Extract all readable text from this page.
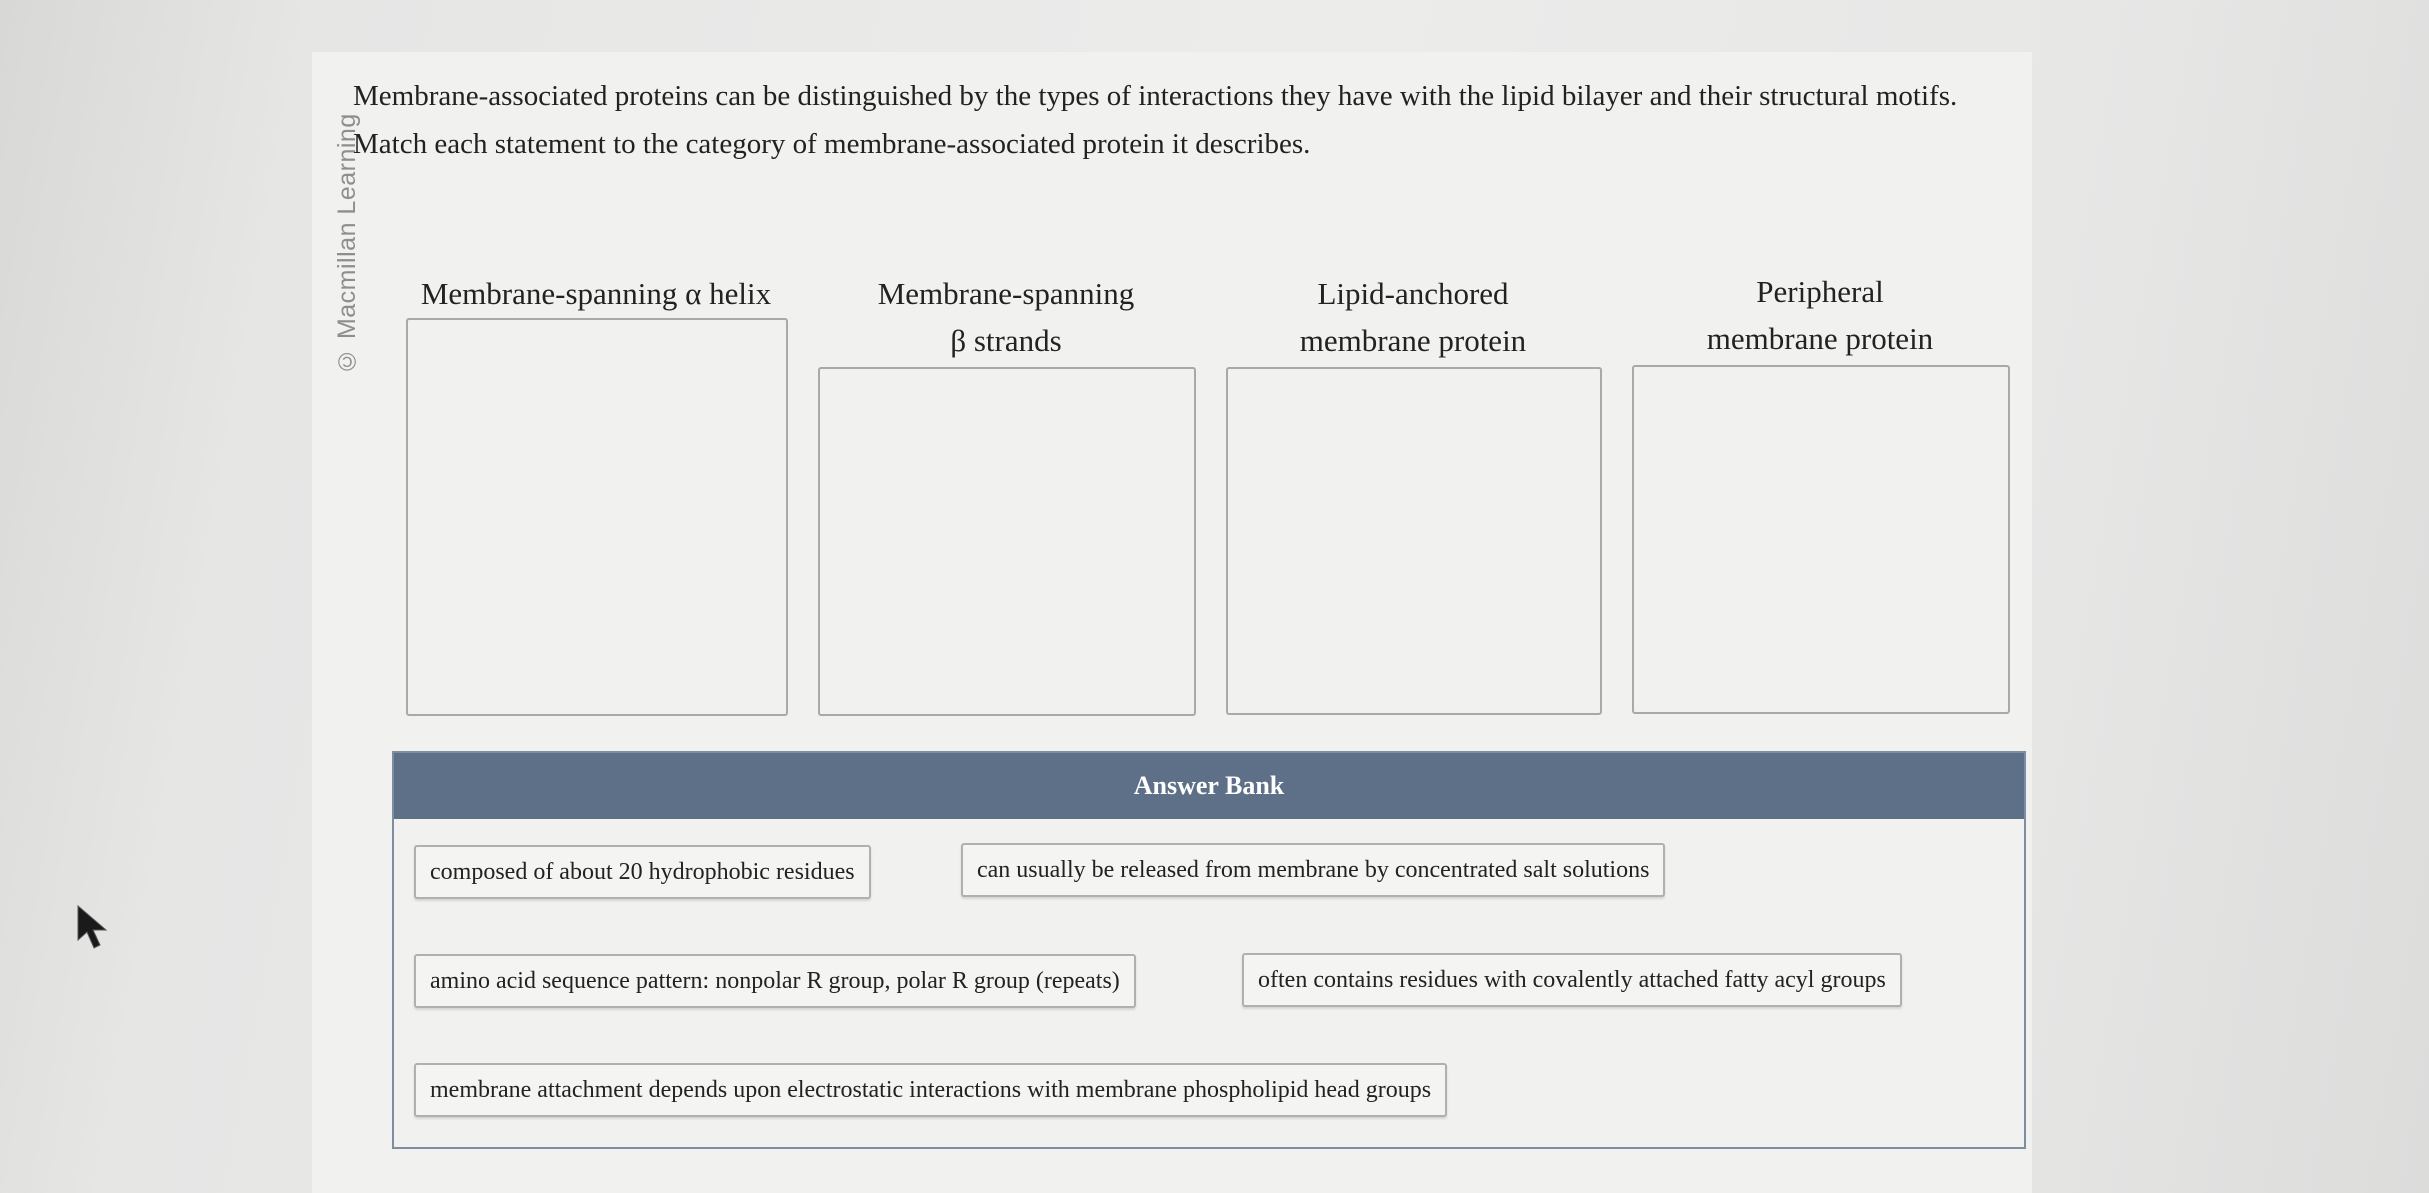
© Macmillan Learning
Membrane-associated proteins can be distinguished by the types of interactions they have with the lipid bilayer and their structural motifs. Match each statement to the category of membrane-associated protein it describes.
Membrane-spanning α helix	Membrane-spanning
β strands
Lipid-anchored
membrane protein
Peripheral
membrane protein
Answer Bank
composed of about 20 hydrophobic residues	can usually be released from membrane by concentrated salt solutions
amino acid sequence pattern: nonpolar R group, polar R group (repeats)	often contains residues with covalently attached fatty acyl groups
membrane attachment depends upon electrostatic interactions with membrane phospholipid head groups
